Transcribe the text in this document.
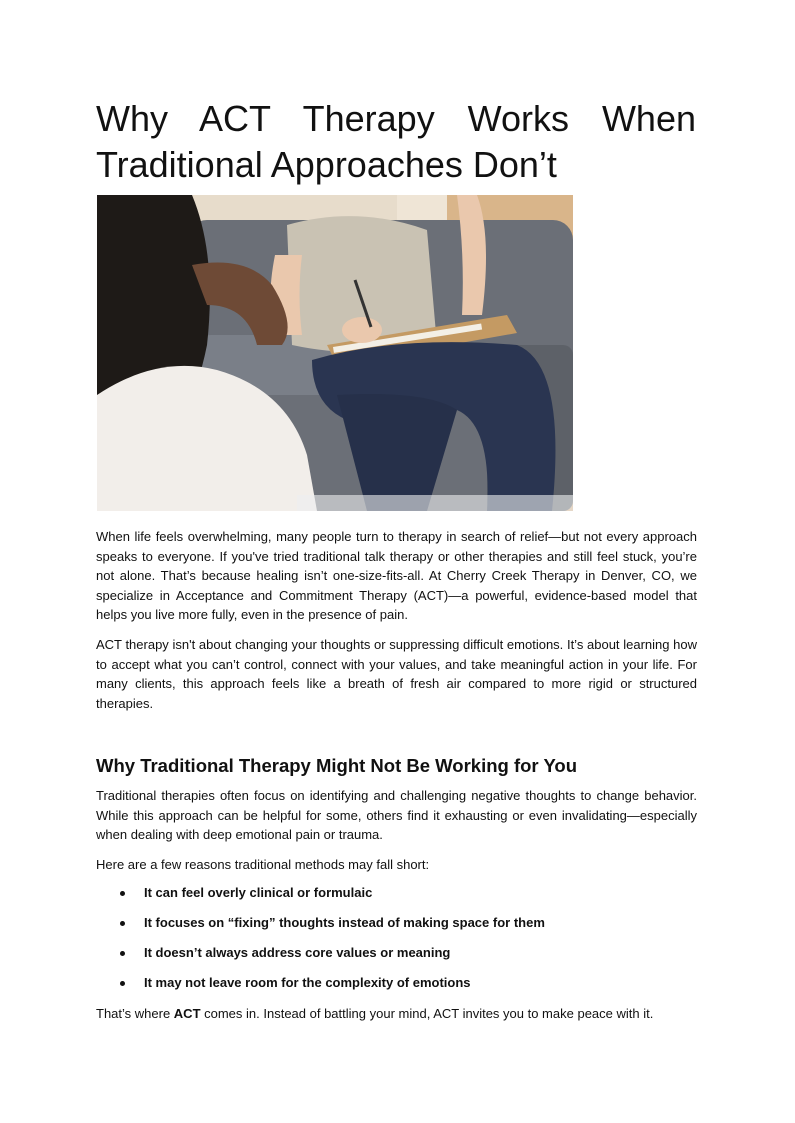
Why ACT Therapy Works When Traditional Approaches Don’t

When life feels overwhelming, many people turn to therapy in search of relief—but not every approach speaks to everyone. If you've tried traditional talk therapy or other therapies and still feel stuck, you’re not alone. That’s because healing isn’t one-size-fits-all. At Cherry Creek Therapy in Denver, CO, we specialize in Acceptance and Commitment Therapy (ACT)—a powerful, evidence-based model that helps you live more fully, even in the presence of pain.

ACT therapy isn't about changing your thoughts or suppressing difficult emotions. It’s about learning how to accept what you can’t control, connect with your values, and take meaningful action in your life. For many clients, this approach feels like a breath of fresh air compared to more rigid or structured therapies.

Why Traditional Therapy Might Not Be Working for You

Traditional therapies often focus on identifying and challenging negative thoughts to change behavior. While this approach can be helpful for some, others find it exhausting or even invalidating—especially when dealing with deep emotional pain or trauma.

Here are a few reasons traditional methods may fall short:

It can feel overly clinical or formulaic
It focuses on “fixing” thoughts instead of making space for them
It doesn’t always address core values or meaning
It may not leave room for the complexity of emotions

That’s where ACT comes in. Instead of battling your mind, ACT invites you to make peace with it.
